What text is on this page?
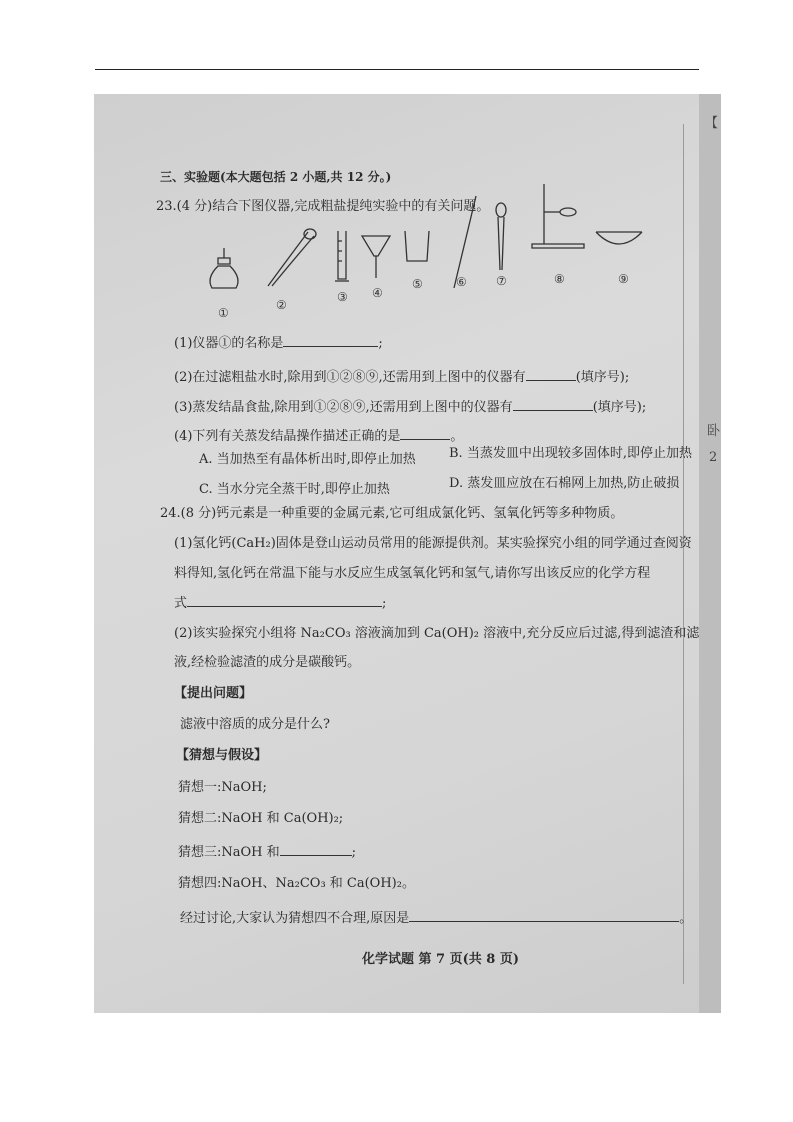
【
卧
2
三、实验题(本大题包括 2 小题,共 12 分。)
23.(4 分)结合下图仪器,完成粗盐提纯实验中的有关问题。
①
②
③ ④
⑤	⑥ ⑦	⑧	⑨
(1)仪器①的名称是	;
(2)在过滤粗盐水时,除用到①②⑧⑨,还需用到上图中的仪器有	(填序号);
(3)蒸发结晶食盐,除用到①②⑧⑨,还需用到上图中的仪器有	(填序号);
(4)下列有关蒸发结晶操作描述正确的是	。
A. 当加热至有晶体析出时,即停止加热	B. 当蒸发皿中出现较多固体时,即停止加热
C. 当水分完全蒸干时,即停止加热	D. 蒸发皿应放在石棉网上加热,防止破损
24.(8 分)钙元素是一种重要的金属元素,它可组成氯化钙、氢氧化钙等多种物质。
(1)氢化钙(CaH₂)固体是登山运动员常用的能源提供剂。某实验探究小组的同学通过查阅资
料得知,氢化钙在常温下能与水反应生成氢氧化钙和氢气,请你写出该反应的化学方程
式	;
(2)该实验探究小组将 Na₂CO₃ 溶液滴加到 Ca(OH)₂ 溶液中,充分反应后过滤,得到滤渣和滤
液,经检验滤渣的成分是碳酸钙。
【提出问题】
滤液中溶质的成分是什么?
【猜想与假设】
猜想一:NaOH;
猜想二:NaOH 和 Ca(OH)₂;
猜想三:NaOH 和	;
猜想四:NaOH、Na₂CO₃ 和 Ca(OH)₂。
经过讨论,大家认为猜想四不合理,原因是	。
化学试题 第 7 页(共 8 页)
